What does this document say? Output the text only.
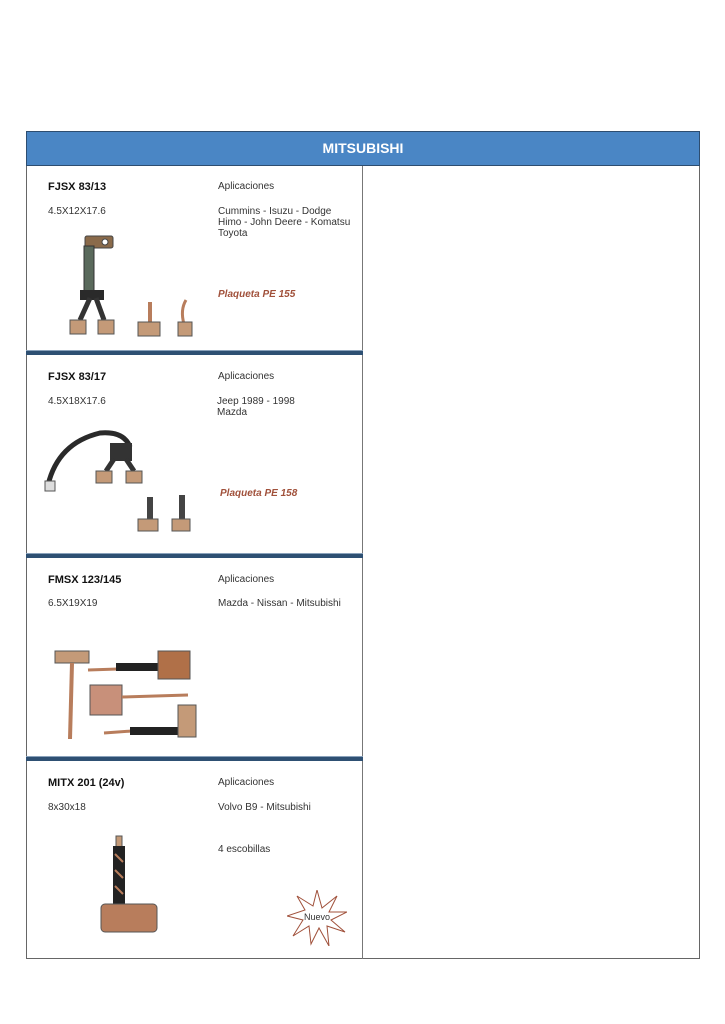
MITSUBISHI
FJSX 83/13	Aplicaciones
4.5X12X17.6	Cummins - Isuzu - Dodge
Himo - John Deere - Komatsu
Toyota
Plaqueta PE 155
FJSX 83/17	Aplicaciones
4.5X18X17.6	Jeep 1989 - 1998
Mazda
Plaqueta PE 158
FMSX 123/145	Aplicaciones
6.5X19X19	Mazda - Nissan - Mitsubishi
MITX 201 (24v)	Aplicaciones
8x30x18	Volvo B9 - Mitsubishi
4 escobillas
Nuevo
